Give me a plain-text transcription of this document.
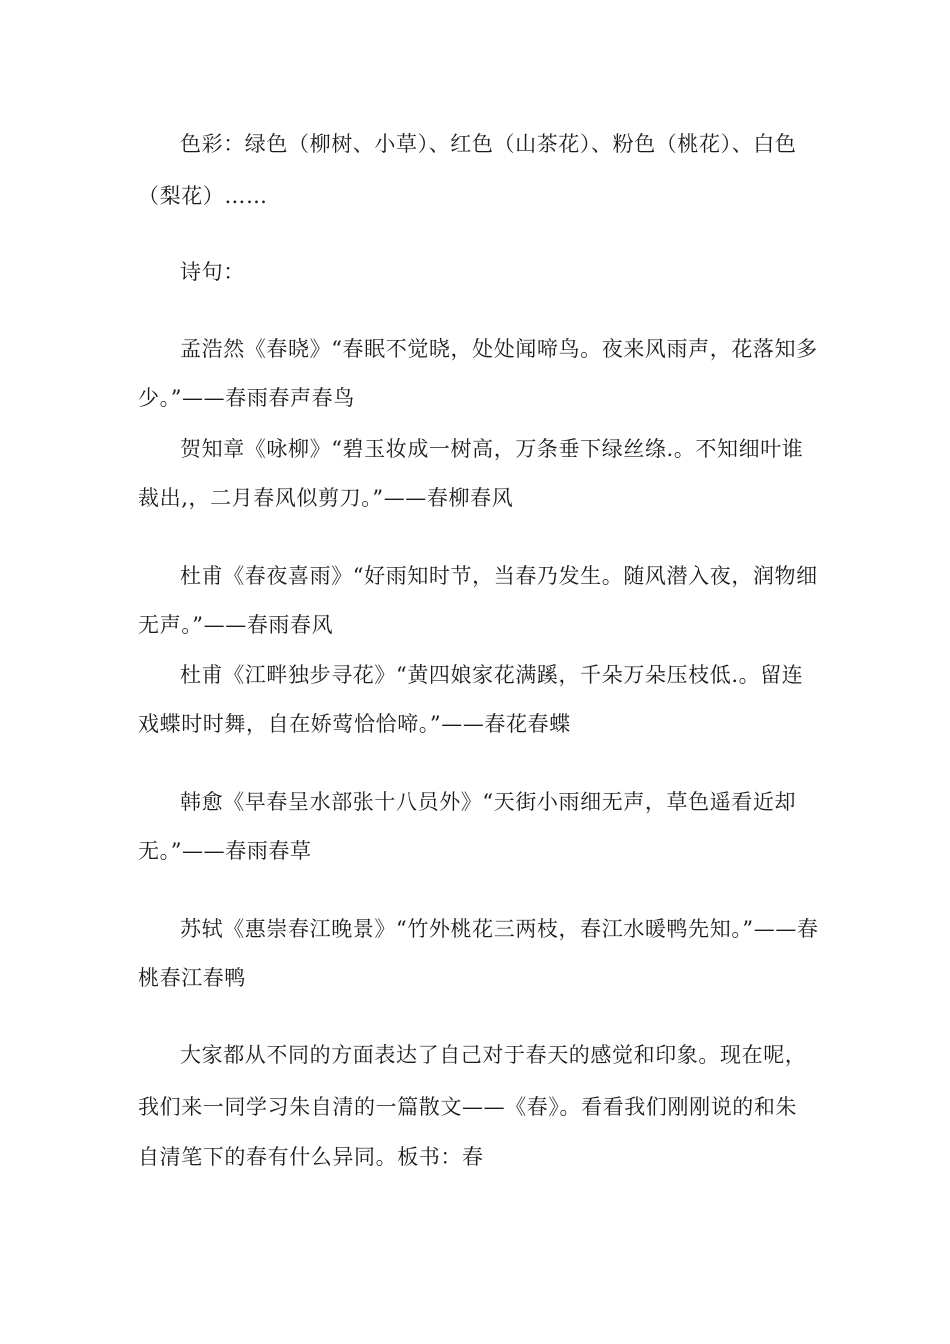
色彩：绿色（柳树、小草）、红色（山茶花）、粉色（桃花）、白色
（梨花）……
诗句：
孟浩然《春晓》“春眠不觉晓，处处闻啼鸟。夜来风雨声，花落知多
少。”——春雨春声春鸟
贺知章《咏柳》“碧玉妆成一树高，万条垂下绿丝绦.。不知细叶谁
裁出,，二月春风似剪刀。”——春柳春风
杜甫《春夜喜雨》“好雨知时节，当春乃发生。随风潜入夜，润物细
无声。”——春雨春风
杜甫《江畔独步寻花》“黄四娘家花满蹊，千朵万朵压枝低.。留连
戏蝶时时舞，自在娇莺恰恰啼。”——春花春蝶
韩愈《早春呈水部张十八员外》“天街小雨细无声，草色遥看近却
无。”——春雨春草
苏轼《惠崇春江晚景》“竹外桃花三两枝，春江水暖鸭先知。”——春
桃春江春鸭
大家都从不同的方面表达了自己对于春天的感觉和印象。现在呢，
我们来一同学习朱自清的一篇散文——《春》。看看我们刚刚说的和朱
自清笔下的春有什么异同。板书：春
